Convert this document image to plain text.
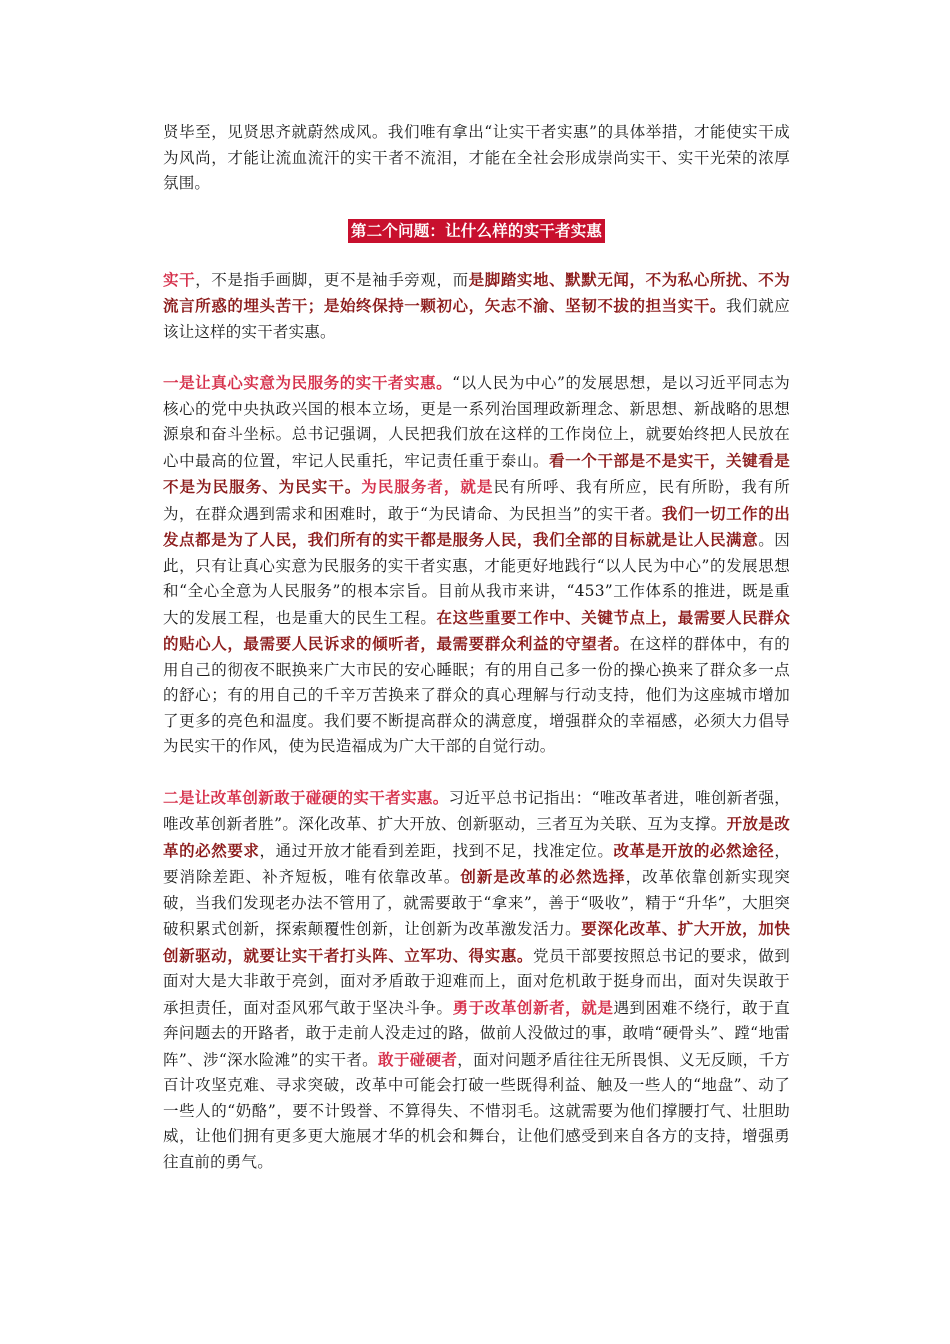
贤毕至，见贤思齐就蔚然成风。我们唯有拿出“让实干者实惠”的具体举措，才能使实干成为风尚，才能让流血流汗的实干者不流泪，才能在全社会形成崇尚实干、实干光荣的浓厚氛围。

第二个问题：让什么样的实干者实惠

实干，不是指手画脚，更不是袖手旁观，而是脚踏实地、默默无闻，不为私心所扰、不为流言所惑的埋头苦干；是始终保持一颗初心，矢志不渝、坚韧不拔的担当实干。我们就应该让这样的实干者实惠。

一是让真心实意为民服务的实干者实惠。“以人民为中心”的发展思想，是以习近平同志为核心的党中央执政兴国的根本立场，更是一系列治国理政新理念、新思想、新战略的思想源泉和奋斗坐标。总书记强调，人民把我们放在这样的工作岗位上，就要始终把人民放在心中最高的位置，牢记人民重托，牢记责任重于泰山。看一个干部是不是实干，关键看是不是为民服务、为民实干。为民服务者，就是民有所呼、我有所应，民有所盼，我有所为，在群众遇到需求和困难时，敢于“为民请命、为民担当”的实干者。我们一切工作的出发点都是为了人民，我们所有的实干都是服务人民，我们全部的目标就是让人民满意。因此，只有让真心实意为民服务的实干者实惠，才能更好地践行“以人民为中心”的发展思想和“全心全意为人民服务”的根本宗旨。目前从我市来讲，“453”工作体系的推进，既是重大的发展工程，也是重大的民生工程。在这些重要工作中、关键节点上，最需要人民群众的贴心人，最需要人民诉求的倾听者，最需要群众利益的守望者。在这样的群体中，有的用自己的彻夜不眠换来广大市民的安心睡眠；有的用自己多一份的操心换来了群众多一点的舒心；有的用自己的千辛万苦换来了群众的真心理解与行动支持，他们为这座城市增加了更多的亮色和温度。我们要不断提高群众的满意度，增强群众的幸福感，必须大力倡导为民实干的作风，使为民造福成为广大干部的自觉行动。

二是让改革创新敢于碰硬的实干者实惠。习近平总书记指出：“唯改革者进，唯创新者强，唯改革创新者胜”。深化改革、扩大开放、创新驱动，三者互为关联、互为支撑。开放是改革的必然要求，通过开放才能看到差距，找到不足，找准定位。改革是开放的必然途径，要消除差距、补齐短板，唯有依靠改革。创新是改革的必然选择，改革依靠创新实现突破，当我们发现老办法不管用了，就需要敢于“拿来”，善于“吸收”，精于“升华”，大胆突破积累式创新，探索颠覆性创新，让创新为改革激发活力。要深化改革、扩大开放，加快创新驱动，就要让实干者打头阵、立军功、得实惠。党员干部要按照总书记的要求，做到面对大是大非敢于亮剑，面对矛盾敢于迎难而上，面对危机敢于挺身而出，面对失误敢于承担责任，面对歪风邪气敢于坚决斗争。勇于改革创新者，就是遇到困难不绕行，敢于直奔问题去的开路者，敢于走前人没走过的路，做前人没做过的事，敢啃“硬骨头”、蹚“地雷阵”、涉“深水险滩”的实干者。敢于碰硬者，面对问题矛盾往往无所畏惧、义无反顾，千方百计攻坚克难、寻求突破，改革中可能会打破一些既得利益、触及一些人的“地盘”、动了一些人的“奶酪”，要不计毁誉、不算得失、不惜羽毛。这就需要为他们撑腰打气、壮胆助威，让他们拥有更多更大施展才华的机会和舞台，让他们感受到来自各方的支持，增强勇往直前的勇气。
